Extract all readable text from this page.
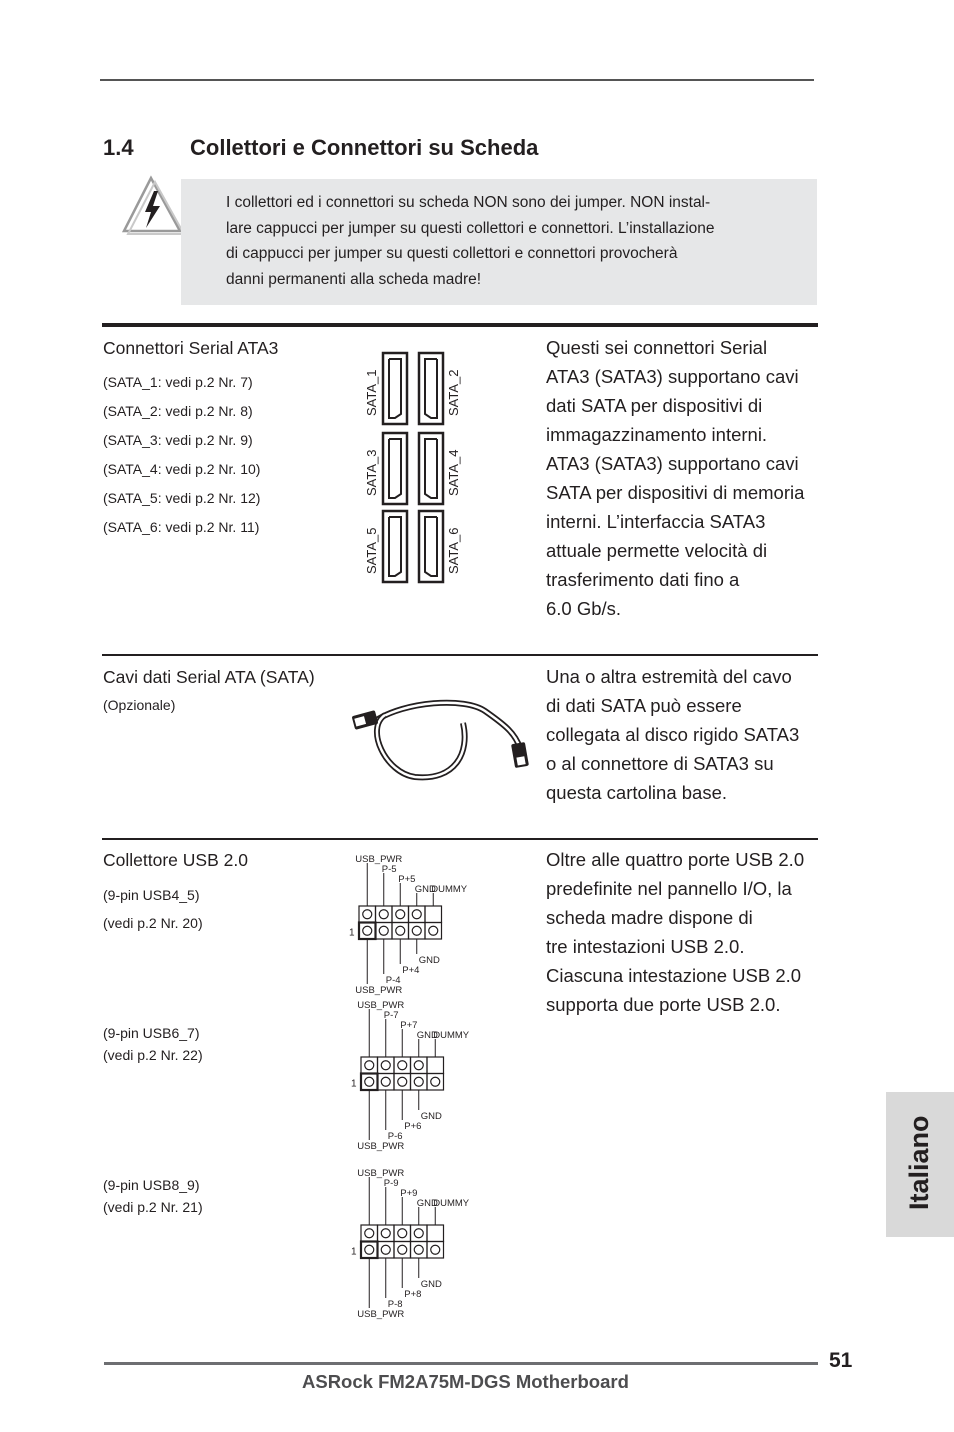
1.4	Collettori e Connettori su Scheda
I collettori ed i connettori su scheda NON sono dei jumper. NON instal-
lare cappucci per jumper su questi collettori e connettori. L’installazione
di cappucci per jumper su questi collettori e connettori provocherà
danni permanenti alla scheda madre!
Connettori Serial ATA3
(SATA_1: vedi p.2 Nr. 7)
(SATA_2: vedi p.2 Nr. 8)
(SATA_3: vedi p.2 Nr. 9)
(SATA_4: vedi p.2 Nr. 10)
(SATA_5: vedi p.2 Nr. 12)
(SATA_6: vedi p.2 Nr. 11)
SATA_1	SATA_2
SATA_3	SATA_4
SATA_5	SATA_6
Questi sei connettori Serial
ATA3 (SATA3) supportano cavi
dati SATA per dispositivi di
immagazzinamento interni.
ATA3 (SATA3) supportano cavi
SATA per dispositivi di memoria
interni. L’interfaccia SATA3
attuale permette velocità di
trasferimento dati fino a
6.0 Gb/s.
Cavi dati Serial ATA (SATA)
(Opzionale)
Una o altra estremità del cavo
di dati SATA può essere
collegata al disco rigido SATA3
o al connettore di SATA3 su
questa cartolina base.
Collettore USB 2.0
(9-pin USB4_5)
(vedi p.2 Nr. 20)
(9-pin USB6_7)
(vedi p.2 Nr. 22)
(9-pin USB8_9)
(vedi p.2 Nr. 21)
USB_PWR
P-5
P+5
GND
DUMMY
GND
P+4
P-4
USB_PWR
1
USB_PWR
P-7
P+7
GND
DUMMY
GND
P+6
P-6
USB_PWR
1
USB_PWR
P-9
P+9
GND
DUMMY
GND
P+8
P-8
USB_PWR
1
Oltre alle quattro porte USB 2.0
predefinite nel pannello I/O, la
scheda madre dispone di
tre intestazioni USB 2.0.
Ciascuna intestazione USB 2.0
supporta due porte USB 2.0.
Italiano
51
ASRock FM2A75M-DGS Motherboard
